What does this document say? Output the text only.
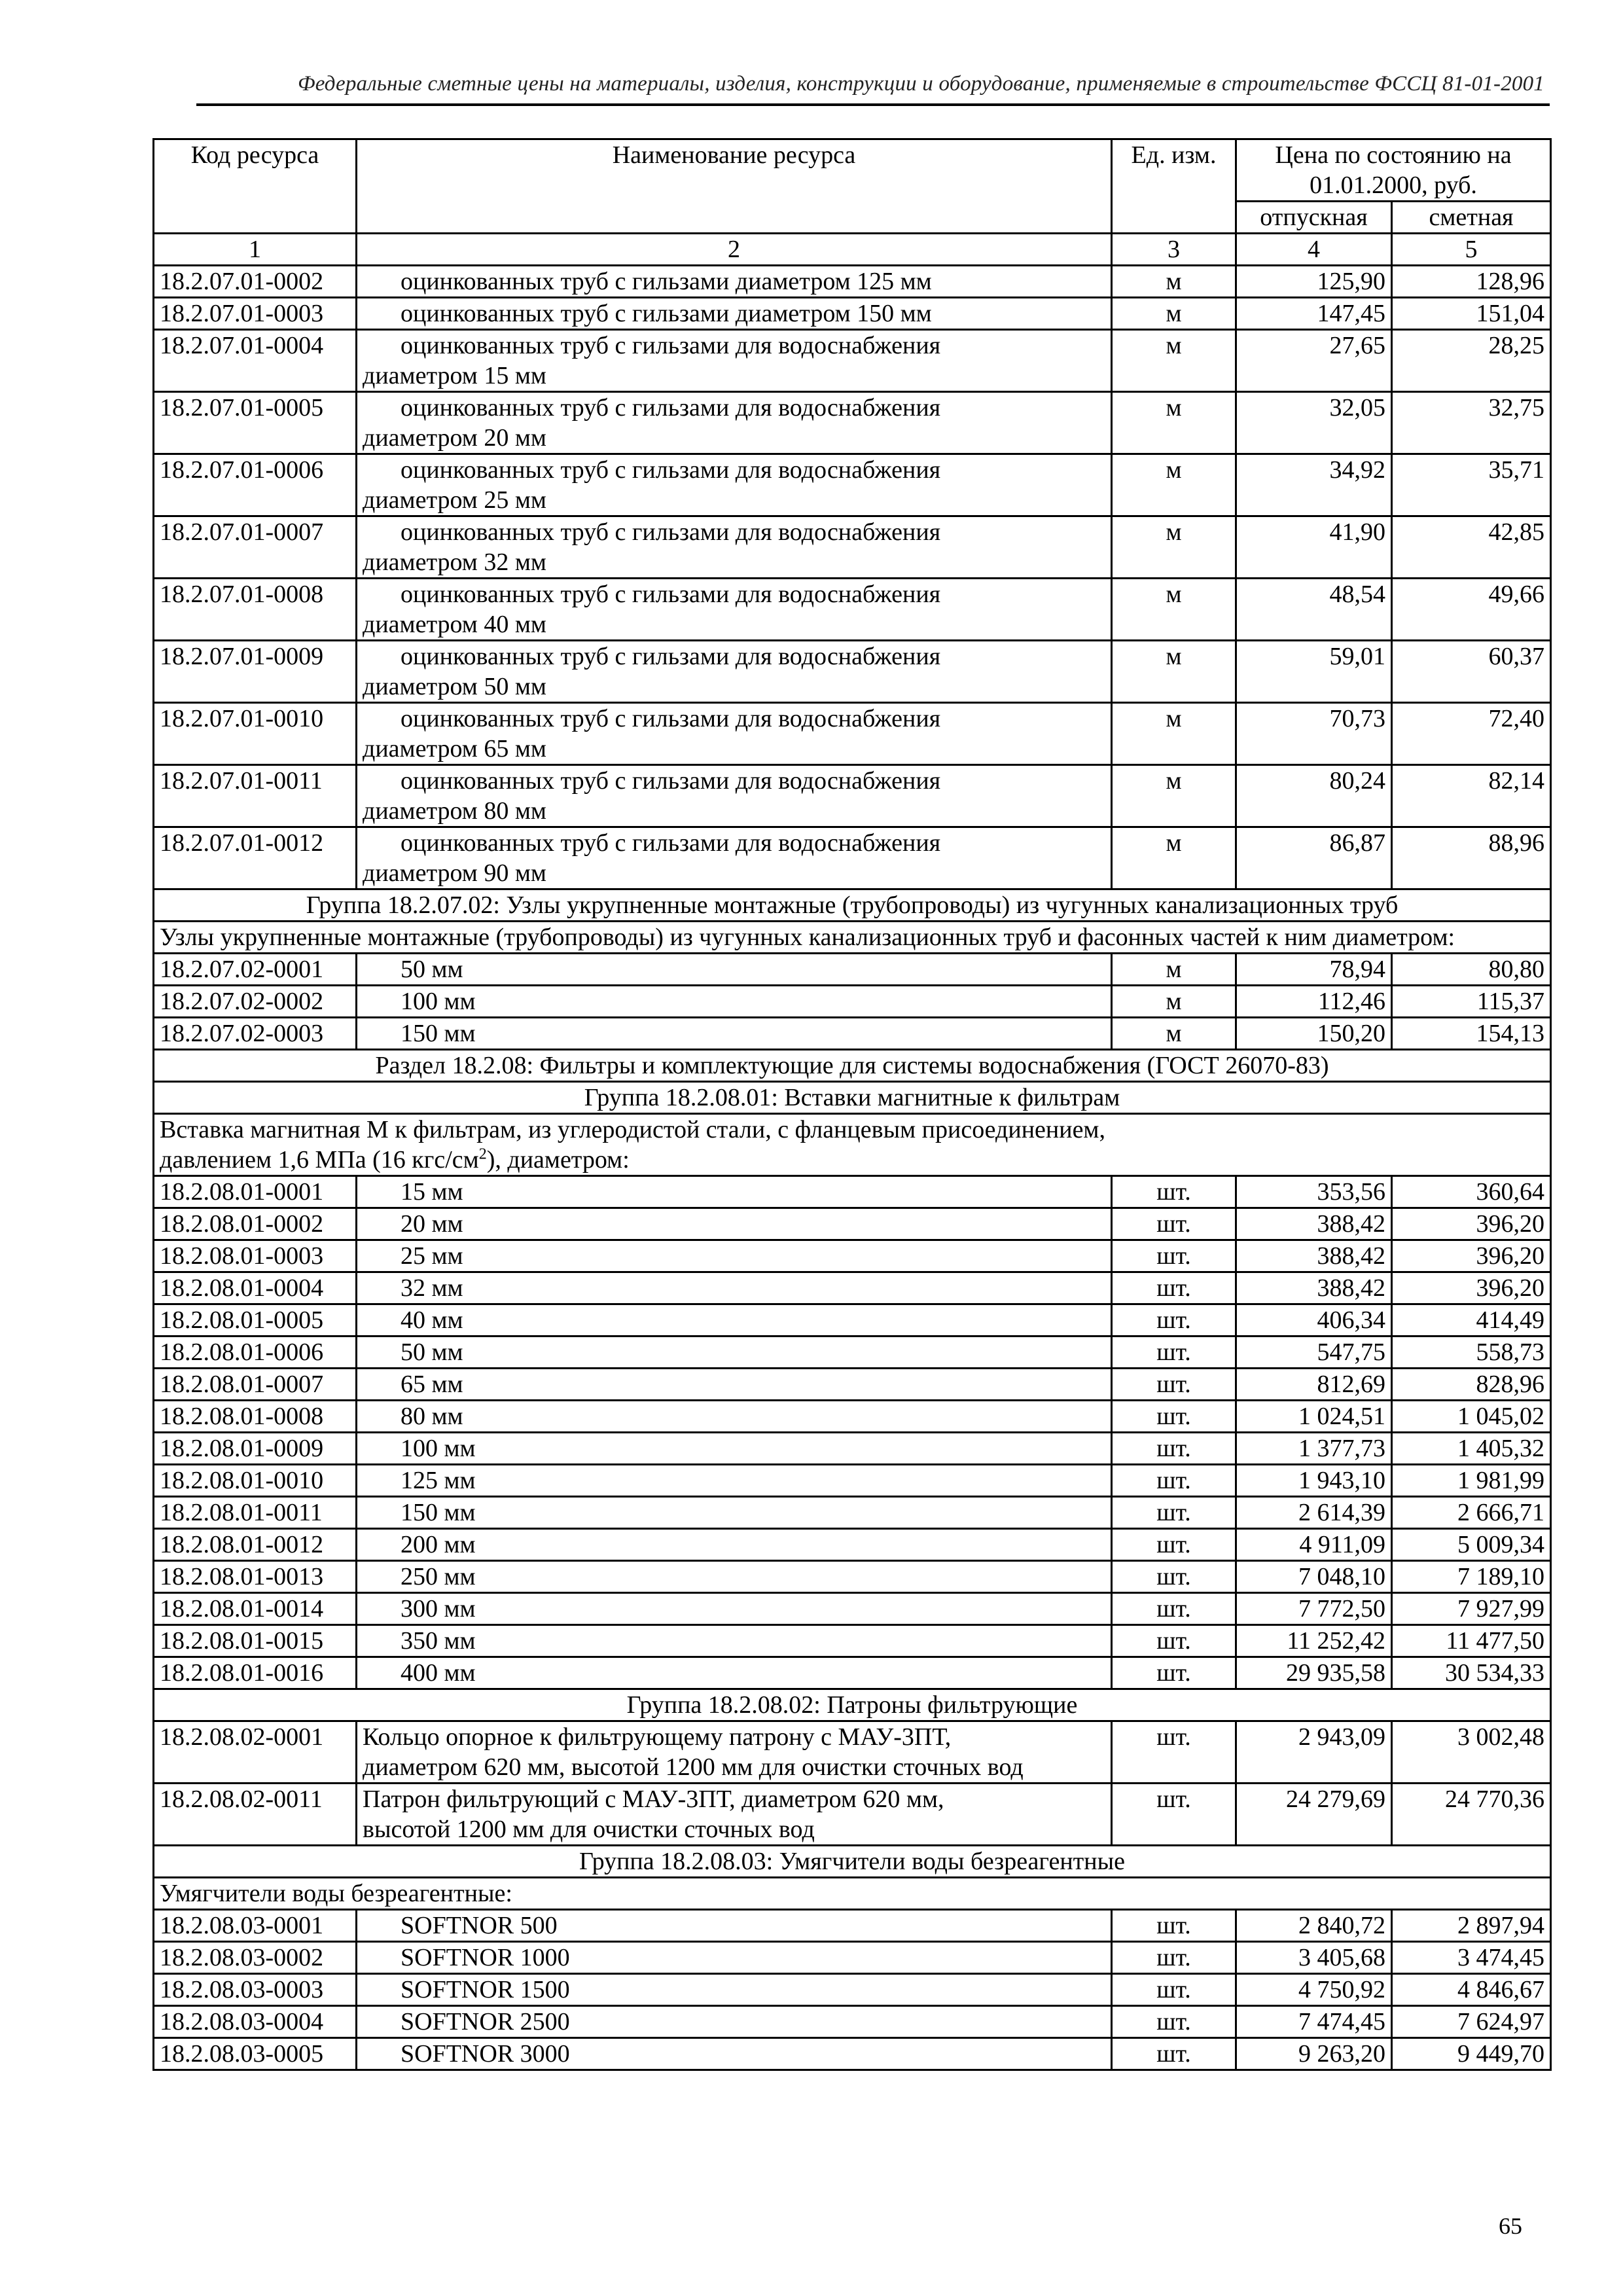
Федеральные сметные цены на материалы, изделия, конструкции и оборудование, применяемые в строительстве ФССЦ 81-01-2001
Код ресурса	Наименование ресурса	Ед. изм.	Цена по состоянию на 01.01.2000, руб.	
			отпускная	сметная
1	2	3	4	5
18.2.07.01-0002	оцинкованных труб с гильзами диаметром 125 мм	м	125,90	128,96
18.2.07.01-0003	оцинкованных труб с гильзами диаметром 150 мм	м	147,45	151,04
18.2.07.01-0004	оцинкованных труб с гильзами для водоснабжения
диаметром 15 мм	м	27,65	28,25
18.2.07.01-0005	оцинкованных труб с гильзами для водоснабжения
диаметром 20 мм	м	32,05	32,75
18.2.07.01-0006	оцинкованных труб с гильзами для водоснабжения
диаметром 25 мм	м	34,92	35,71
18.2.07.01-0007	оцинкованных труб с гильзами для водоснабжения
диаметром 32 мм	м	41,90	42,85
18.2.07.01-0008	оцинкованных труб с гильзами для водоснабжения
диаметром 40 мм	м	48,54	49,66
18.2.07.01-0009	оцинкованных труб с гильзами для водоснабжения
диаметром 50 мм	м	59,01	60,37
18.2.07.01-0010	оцинкованных труб с гильзами для водоснабжения
диаметром 65 мм	м	70,73	72,40
18.2.07.01-0011	оцинкованных труб с гильзами для водоснабжения
диаметром 80 мм	м	80,24	82,14
18.2.07.01-0012	оцинкованных труб с гильзами для водоснабжения
диаметром 90 мм	м	86,87	88,96
Группа 18.2.07.02: Узлы укрупненные монтажные (трубопроводы) из чугунных канализационных труб				
Узлы укрупненные монтажные (трубопроводы) из чугунных канализационных труб и фасонных частей к ним диаметром:				
18.2.07.02-0001	50 мм	м	78,94	80,80
18.2.07.02-0002	100 мм	м	112,46	115,37
18.2.07.02-0003	150 мм	м	150,20	154,13
Раздел 18.2.08: Фильтры и комплектующие для системы водоснабжения (ГОСТ 26070-83)				
Группа 18.2.08.01: Вставки магнитные к фильтрам				

Вставка магнитная М к фильтрам, из углеродистой стали, с фланцевым присоединением,
давлением 1,6 МПа (16 кгс/$см^2$), диаметром:				

18.2.08.01-0001	15 мм	шт.	353,56	360,64
18.2.08.01-0002	20 мм	шт.	388,42	396,20
18.2.08.01-0003	25 мм	шт.	388,42	396,20
18.2.08.01-0004	32 мм	шт.	388,42	396,20
18.2.08.01-0005	40 мм	шт.	406,34	414,49
18.2.08.01-0006	50 мм	шт.	547,75	558,73
18.2.08.01-0007	65 мм	шт.	812,69	828,96
18.2.08.01-0008	80 мм	шт.	1 024,51	1 045,02
18.2.08.01-0009	100 мм	шт.	1 377,73	1 405,32
18.2.08.01-0010	125 мм	шт.	1 943,10	1 981,99
18.2.08.01-0011	150 мм	шт.	2 614,39	2 666,71
18.2.08.01-0012	200 мм	шт.	4 911,09	5 009,34
18.2.08.01-0013	250 мм	шт.	7 048,10	7 189,10
18.2.08.01-0014	300 мм	шт.	7 772,50	7 927,99
18.2.08.01-0015	350 мм	шт.	11 252,42	11 477,50
18.2.08.01-0016	400 мм	шт.	29 935,58	30 534,33
Группа 18.2.08.02: Патроны фильтрующие				
18.2.08.02-0001	Кольцо опорное к фильтрующему патрону с МАУ-3ПТ,
диаметром 620 мм, высотой 1200 мм для очистки сточных вод	шт.	2 943,09	3 002,48
18.2.08.02-0011	Патрон фильтрующий с МАУ-3ПТ, диаметром 620 мм,
высотой 1200 мм для очистки сточных вод	шт.	24 279,69	24 770,36
Группа 18.2.08.03: Умягчители воды безреагентные				
Умягчители воды безреагентные:				
18.2.08.03-0001	SOFTNOR 500	шт.	2 840,72	2 897,94
18.2.08.03-0002	SOFTNOR 1000	шт.	3 405,68	3 474,45
18.2.08.03-0003	SOFTNOR 1500	шт.	4 750,92	4 846,67
18.2.08.03-0004	SOFTNOR 2500	шт.	7 474,45	7 624,97
18.2.08.03-0005	SOFTNOR 3000	шт.	9 263,20	9 449,70
65
